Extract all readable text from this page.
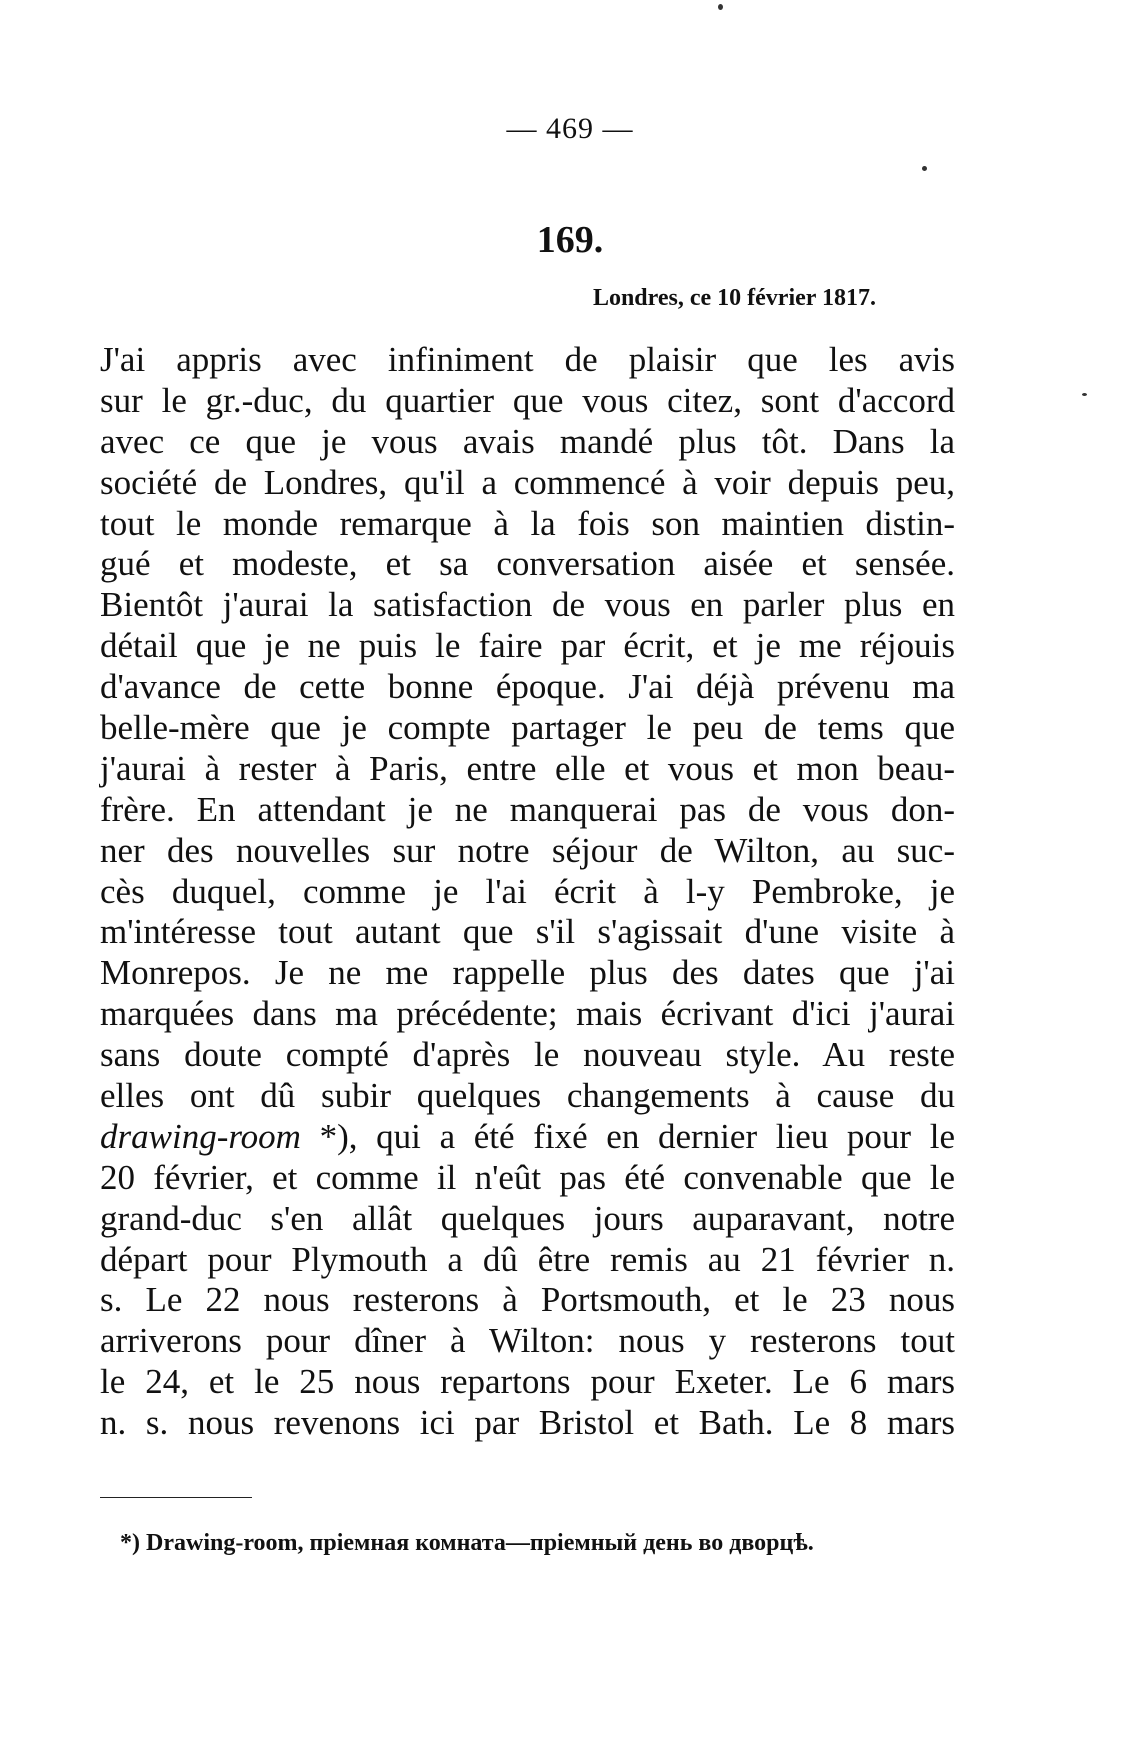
— 469 —
169.
Londres, ce 10 février 1817.
J'ai appris avec infiniment de plaisir que les avis
sur le gr.-duc, du quartier que vous citez, sont d'accord
avec ce que je vous avais mandé plus tôt. Dans la
société de Londres, qu'il a commencé à voir depuis peu,
tout le monde remarque à la fois son maintien distin-
gué et modeste, et sa conversation aisée et sensée.
Bientôt j'aurai la satisfaction de vous en parler plus en
détail que je ne puis le faire par écrit, et je me réjouis
d'avance de cette bonne époque. J'ai déjà prévenu ma
belle-mère que je compte partager le peu de tems que
j'aurai à rester à Paris, entre elle et vous et mon beau-
frère. En attendant je ne manquerai pas de vous don-
ner des nouvelles sur notre séjour de Wilton, au suc-
cès duquel, comme je l'ai écrit à l-y Pembroke, je
m'intéresse tout autant que s'il s'agissait d'une visite à
Monrepos. Je ne me rappelle plus des dates que j'ai
marquées dans ma précédente; mais écrivant d'ici j'aurai
sans doute compté d'après le nouveau style. Au reste
elles ont dû subir quelques changements à cause du
drawing-room *), qui a été fixé en dernier lieu pour le
20 février, et comme il n'eût pas été convenable que le
grand-duc s'en allât quelques jours auparavant, notre
départ pour Plymouth a dû être remis au 21 février n.
s. Le 22 nous resterons à Portsmouth, et le 23 nous
arriverons pour dîner à Wilton: nous y resterons tout
le 24, et le 25 nous repartons pour Exeter. Le 6 mars
n. s. nous revenons ici par Bristol et Bath. Le 8 mars
*) Drawing-room, пріемная комната—пріемный день во дворцѣ.
